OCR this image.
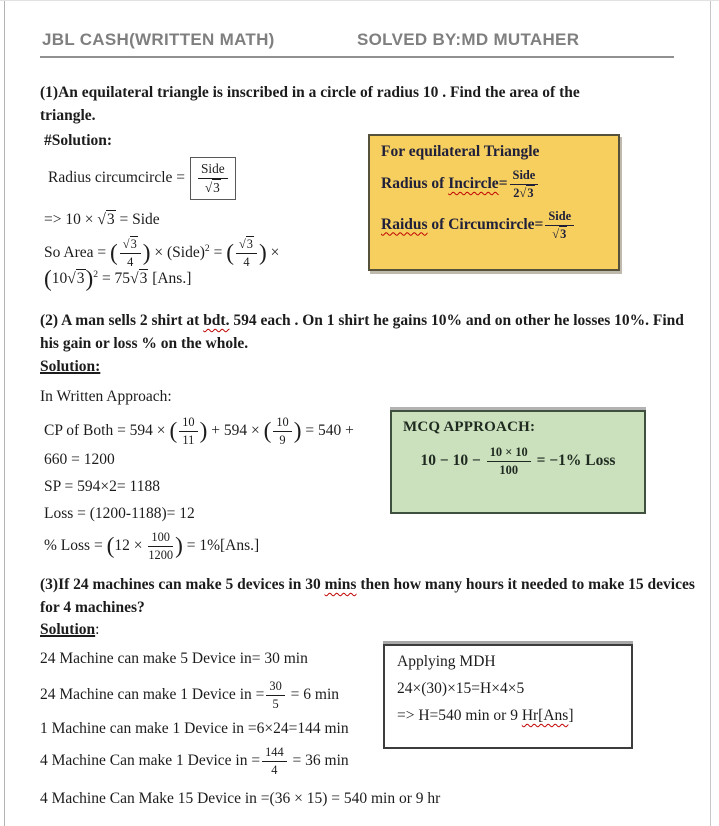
JBL CASH(WRITTEN MATH)	SOLVED BY:MD MUTAHER
(1)An equilateral triangle is inscribed in a circle of radius 10 . Find the area of the triangle.
#Solution:
Radius circumcircle = $\frac{\text{Side}}{√3}$
=> 10 × √3 = Side
So Area = ( $\frac{√3}{4}$ ) × (Side)$^2$ = ( $\frac{√3}{4}$ ) ×
$(10√3)^2 = 75√3$ [Ans.]
For equilateral Triangle
Radius of Incircle= $\frac{\text{Side}}{2√3}$
Raidus of Circumcircle= $\frac{\text{Side}}{√3}$
(2) A man sells 2 shirt at bdt. 594 each . On 1 shirt he gains 10% and on other he losses 10%. Find his gain or loss % on the whole.
Solution:
In Written Approach:
CP of Both = 594 × ( $\frac{10}{11}$ ) + 594 × ( $\frac{10}{9}$ ) = 540 +
660 = 1200
SP = 594×2= 1188
Loss = (1200-1188)= 12
% Loss = ($12 \times \frac{100}{1200}$ ) = 1%[Ans.]
MCQ APPROACH:
$10 - 10 - \frac{10 \times 10}{100} = -1\%$ Loss
(3)If 24 machines can make 5 devices in 30 mins then how many hours it needed to make 15 devices for 4 machines?
Solution:
24 Machine can make 5 Device in= 30 min
24 Machine can make 1 Device in = $\frac{30}{5} = 6$ min
1 Machine can make 1 Device in =6×24=144 min
4 Machine Can make 1 Device in = $\frac{144}{4} = 36$ min
4 Machine Can Make 15 Device in =(36 × 15) = 540 min or 9 hr
Applying MDH
24×(30)×15=H×4×5
=> H=540 min or 9 Hr[Ans]
